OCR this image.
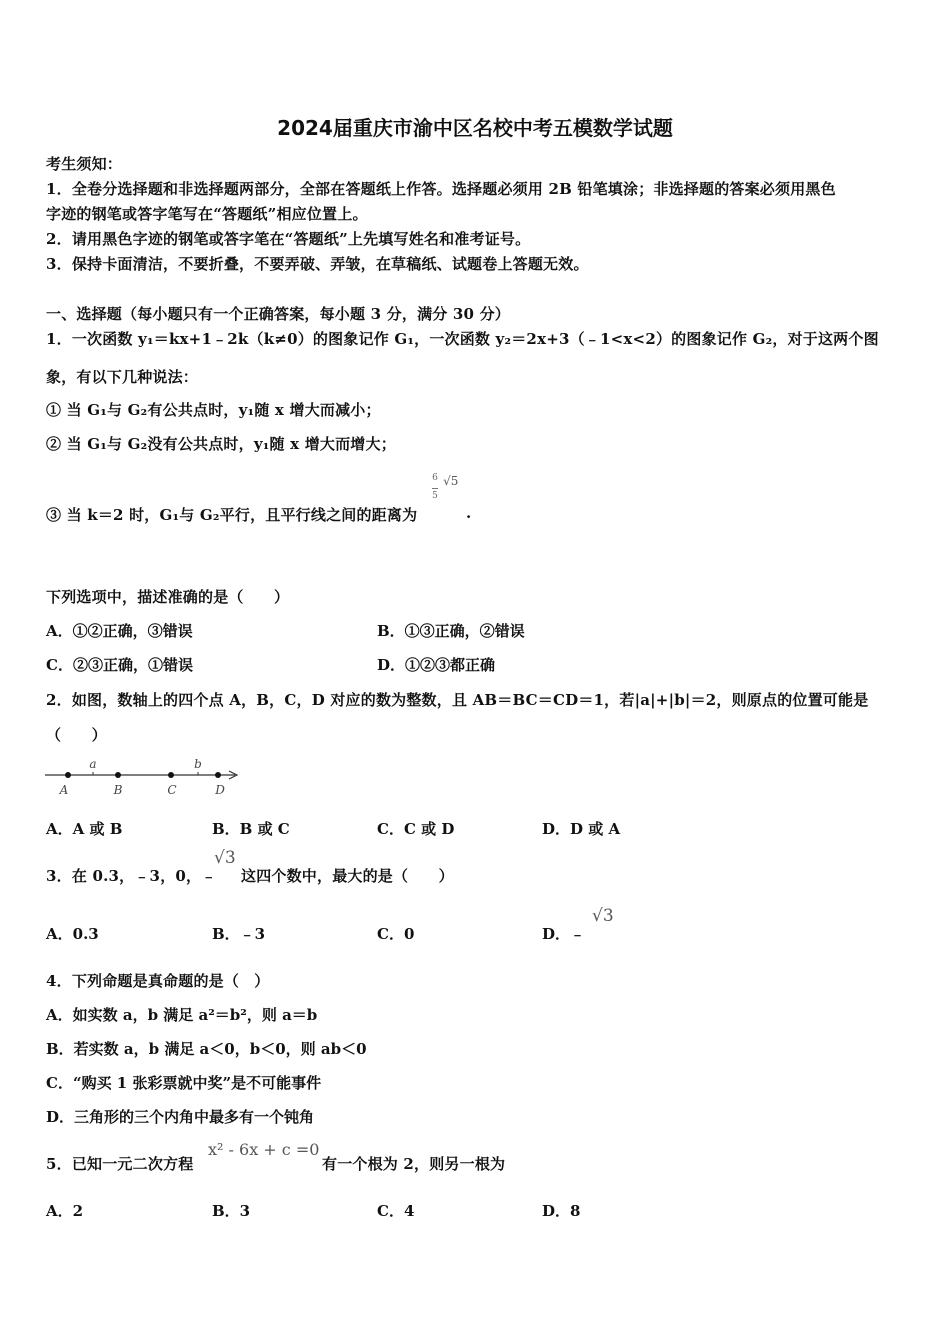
2024届重庆市渝中区名校中考五模数学试题
考生须知：
1．全卷分选择题和非选择题两部分，全部在答题纸上作答。选择题必须用 2B 铅笔填涂；非选择题的答案必须用黑色
字迹的钢笔或答字笔写在“答题纸”相应位置上。
2．请用黑色字迹的钢笔或答字笔在“答题纸”上先填写姓名和准考证号。
3．保持卡面清洁，不要折叠，不要弄破、弄皱，在草稿纸、试题卷上答题无效。
一、选择题（每小题只有一个正确答案，每小题 3 分，满分 30 分）
1．一次函数 y₁＝kx+1﹣2k（k≠0）的图象记作 G₁，一次函数 y₂＝2x+3（﹣1<x<2）的图象记作 G₂，对于这两个图
象，有以下几种说法：
① 当 G₁与 G₂有公共点时，y₁随 x 增大而减小；
② 当 G₁与 G₂没有公共点时，y₁随 x 增大而增大；
③ 当 k＝2 时，G₁与 G₂平行，且平行线之间的距离为
$\frac{6}{5} ^{√5}$
.
下列选项中，描述准确的是（　　）
A．①②正确，③错误	B．①③正确，②错误
C．②③正确，①错误	D．①②③都正确
2．如图，数轴上的四个点 A，B，C，D 对应的数为整数，且 AB＝BC＝CD＝1，若|a|+|b|＝2，则原点的位置可能是
（　　）
a	b
A	B	C	D
A．A 或 B	B．B 或 C	C．C 或 D	D．D 或 A
3．在 0.3，﹣3，0，﹣
√3
这四个数中，最大的是（　　）
A．0.3	B．﹣3	C．0	D．﹣
√3
4．下列命题是真命题的是（　）
A．如实数 a，b 满足 a²＝b²，则 a＝b
B．若实数 a，b 满足 a＜0，b＜0，则 ab＜0
C．“购买 1 张彩票就中奖”是不可能事件
D．三角形的三个内角中最多有一个钝角
5．已知一元二次方程
x² - 6x + c =0
有一个根为 2，则另一根为
A．2	B．3	C．4	D．8
